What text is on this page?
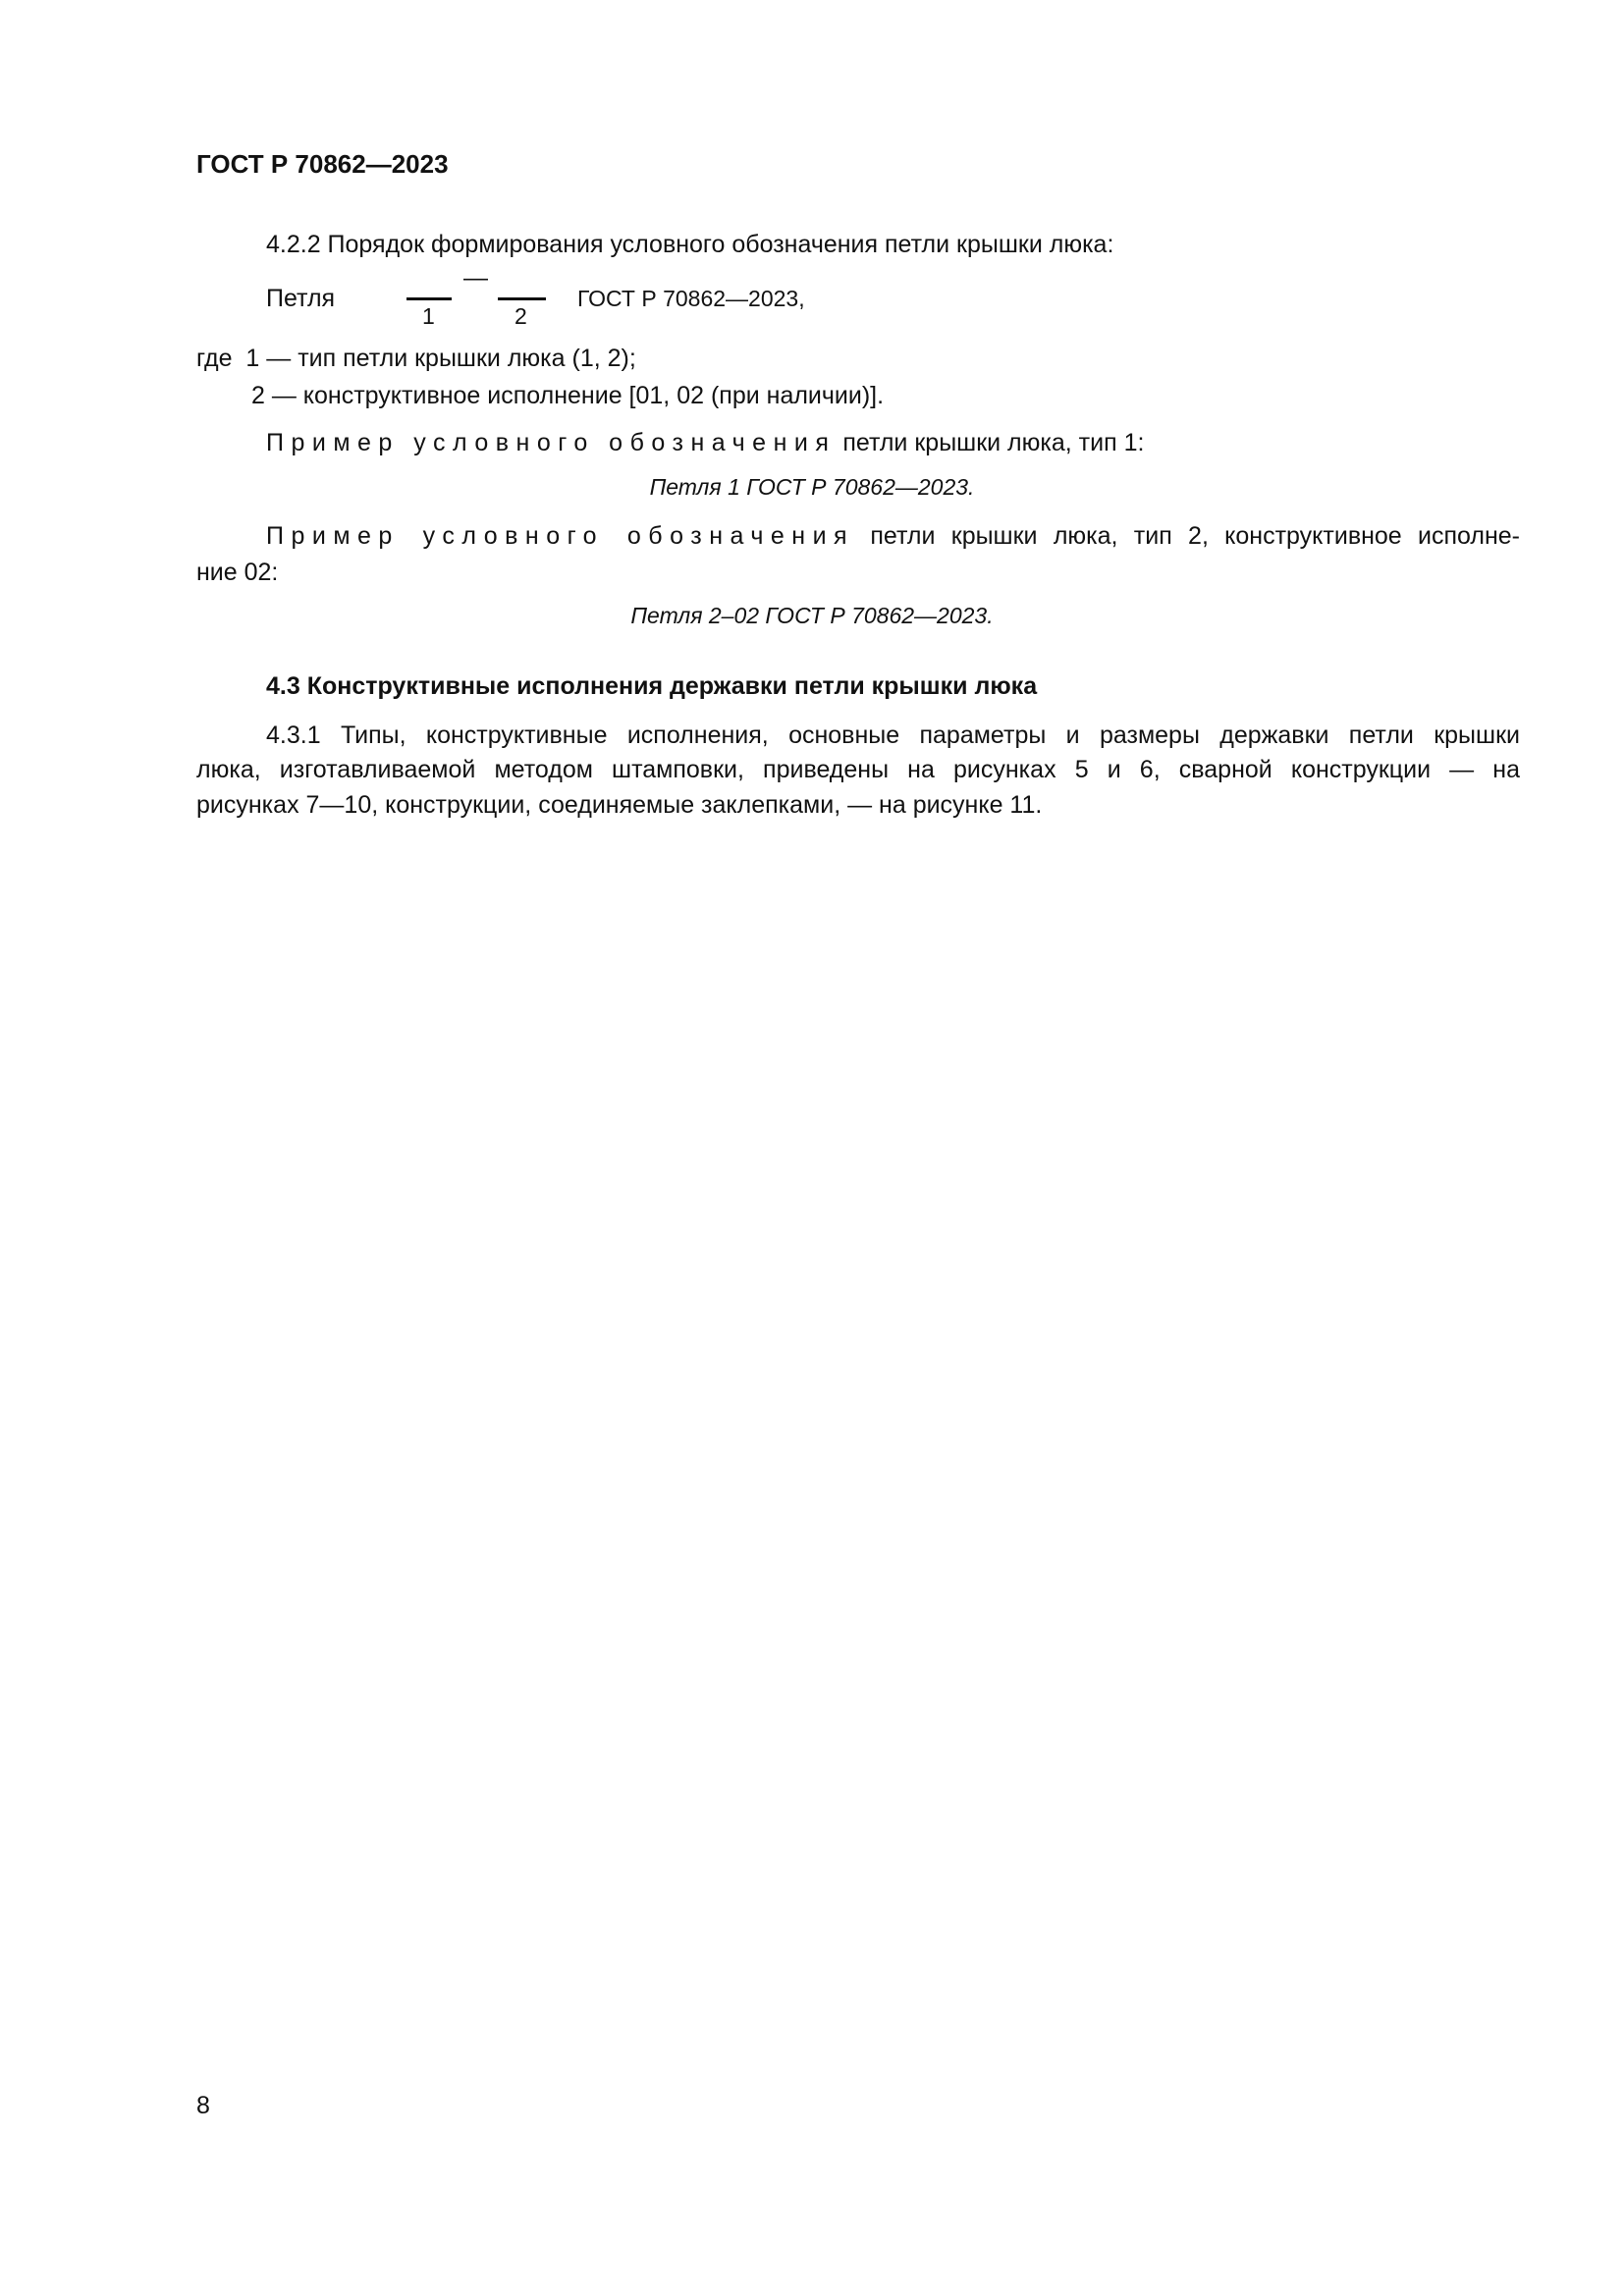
ГОСТ Р 70862—2023
4.2.2 Порядок формирования условного обозначения петли крышки люка:
Петля
1
—
2
ГОСТ Р 70862—2023,
где 1 — тип петли крышки люка (1, 2);
2 — конструктивное исполнение [01, 02 (при наличии)].
Пример условного обозначения петли крышки люка, тип 1:
Петля 1 ГОСТ Р 70862—2023.
Пример условного обозначения петли крышки люка, тип 2, конструктивное исполне-
ние 02:
Петля 2–02 ГОСТ Р 70862—2023.
4.3 Конструктивные исполнения державки петли крышки люка
4.3.1 Типы, конструктивные исполнения, основные параметры и размеры державки петли крышки
люка, изготавливаемой методом штамповки, приведены на рисунках 5 и 6, сварной конструкции — на
рисунках 7—10, конструкции, соединяемые заклепками, — на рисунке 11.
8
